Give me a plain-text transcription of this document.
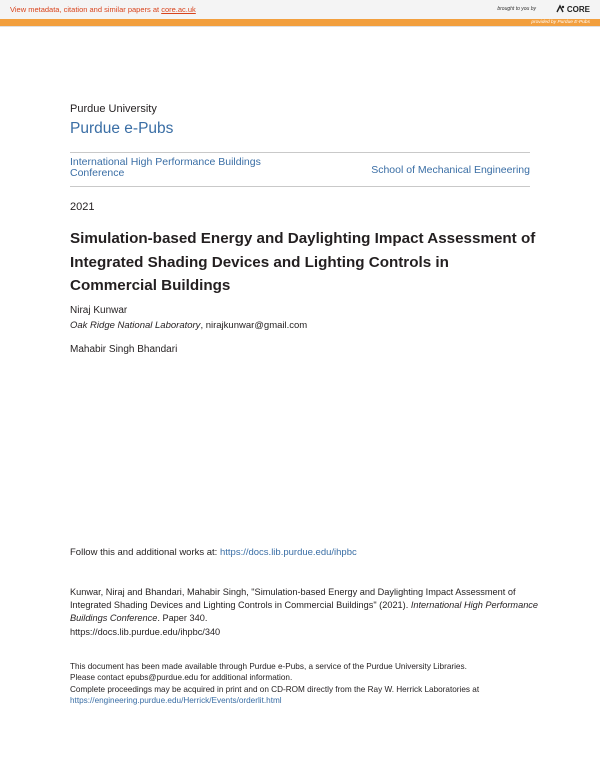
View metadata, citation and similar papers at core.ac.uk	brought to you by	CORE
provided by Purdue E-Pubs
Purdue University
Purdue e-Pubs
International High Performance Buildings Conference	School of Mechanical Engineering
2021
Simulation-based Energy and Daylighting Impact Assessment of Integrated Shading Devices and Lighting Controls in Commercial Buildings
Niraj Kunwar
Oak Ridge National Laboratory, nirajkunwar@gmail.com
Mahabir Singh Bhandari
Follow this and additional works at: https://docs.lib.purdue.edu/ihpbc
Kunwar, Niraj and Bhandari, Mahabir Singh, "Simulation-based Energy and Daylighting Impact Assessment of Integrated Shading Devices and Lighting Controls in Commercial Buildings" (2021). International High Performance Buildings Conference. Paper 340.
https://docs.lib.purdue.edu/ihpbc/340
This document has been made available through Purdue e-Pubs, a service of the Purdue University Libraries.
Please contact epubs@purdue.edu for additional information.
Complete proceedings may be acquired in print and on CD-ROM directly from the Ray W. Herrick Laboratories at
https://engineering.purdue.edu/Herrick/Events/orderlit.html
